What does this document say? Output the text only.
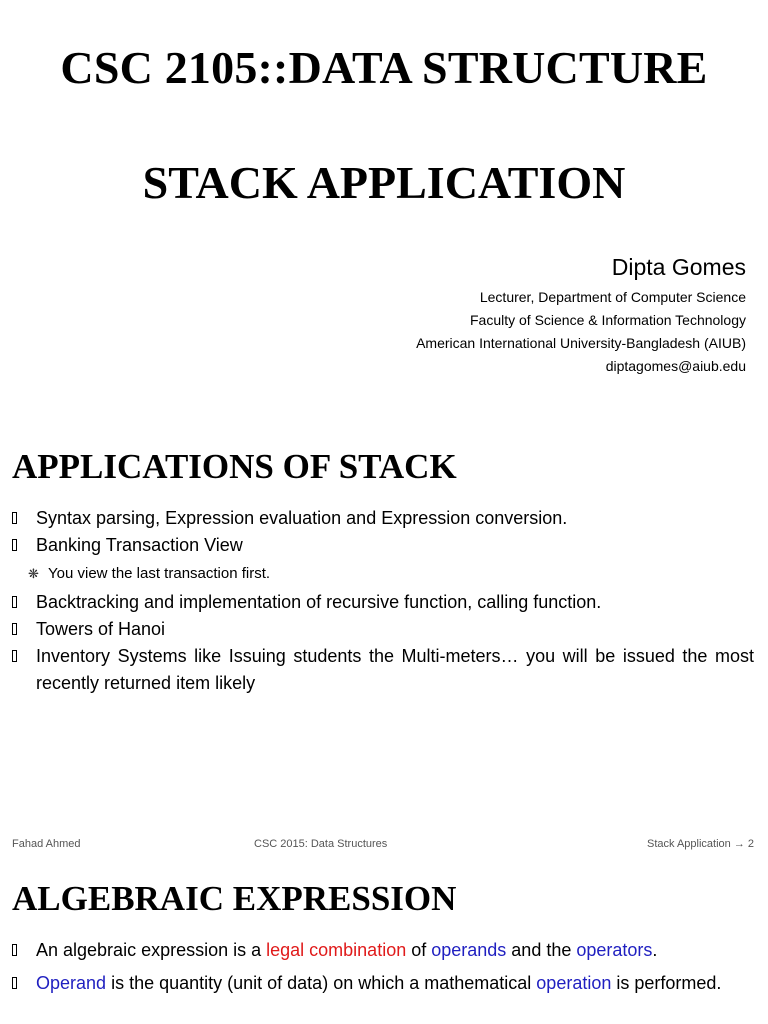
CSC 2105::DATA STRUCTURE
STACK APPLICATION
Dipta Gomes
Lecturer, Department of Computer Science
Faculty of Science & Information Technology
American International University-Bangladesh (AIUB)
diptagomes@aiub.edu
APPLICATIONS OF STACK
Syntax parsing, Expression evaluation and Expression conversion.
Banking Transaction View
❋ You view the last transaction first.
Backtracking and implementation of recursive function, calling function.
Towers of Hanoi
Inventory Systems like Issuing students the Multi-meters… you will be issued the most recently returned item likely
Fahad Ahmed	CSC 2015: Data Structures	Stack Application → 2
ALGEBRAIC EXPRESSION
An algebraic expression is a legal combination of operands and the operators.
Operand is the quantity (unit of data) on which a mathematical operation is performed.
